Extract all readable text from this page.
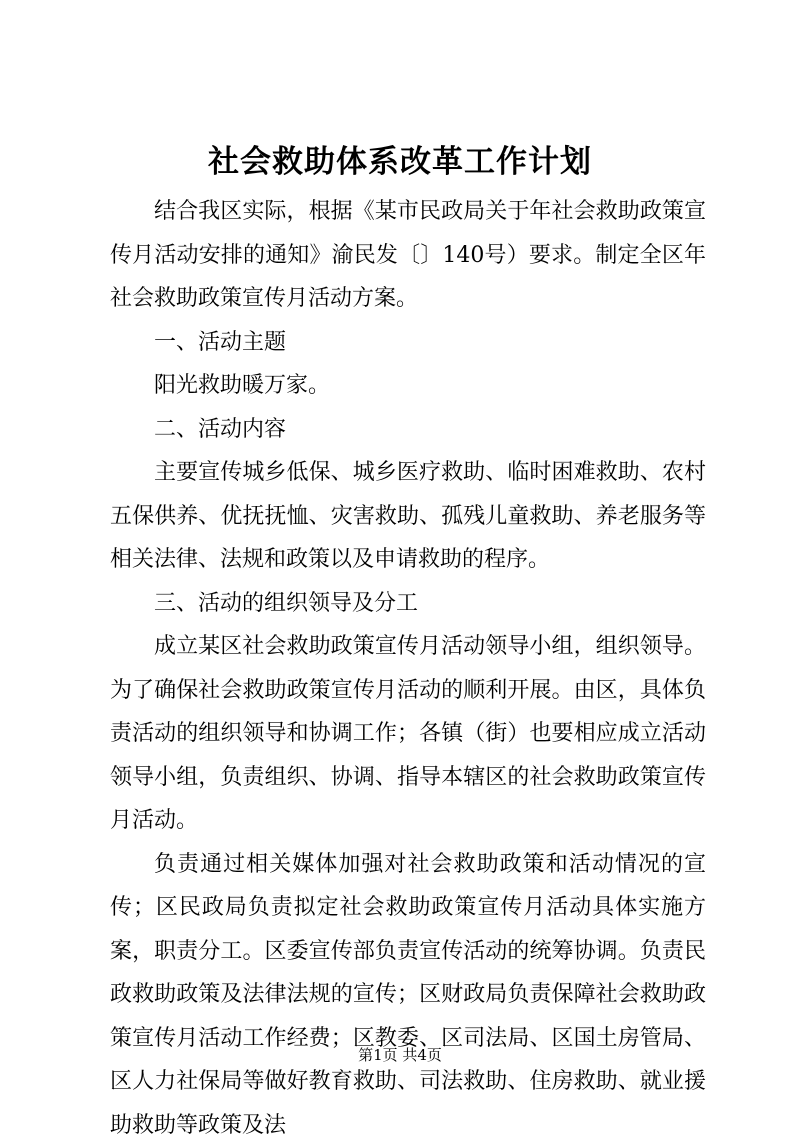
社会救助体系改革工作计划

结合我区实际，根据《某市民政局关于年社会救助政策宣传月活动安排的通知》渝民发〔〕140号）要求。制定全区年社会救助政策宣传月活动方案。

一、活动主题

阳光救助暖万家。

二、活动内容

主要宣传城乡低保、城乡医疗救助、临时困难救助、农村五保供养、优抚抚恤、灾害救助、孤残儿童救助、养老服务等相关法律、法规和政策以及申请救助的程序。

三、活动的组织领导及分工

成立某区社会救助政策宣传月活动领导小组，组织领导。为了确保社会救助政策宣传月活动的顺利开展。由区，具体负责活动的组织领导和协调工作；各镇（街）也要相应成立活动领导小组，负责组织、协调、指导本辖区的社会救助政策宣传月活动。

负责通过相关媒体加强对社会救助政策和活动情况的宣传；区民政局负责拟定社会救助政策宣传月活动具体实施方案，职责分工。区委宣传部负责宣传活动的统筹协调。负责民政救助政策及法律法规的宣传；区财政局负责保障社会救助政策宣传月活动工作经费；区教委、区司法局、区国土房管局、区人力社保局等做好教育救助、司法救助、住房救助、就业援助救助等政策及法

第1页 共4页
